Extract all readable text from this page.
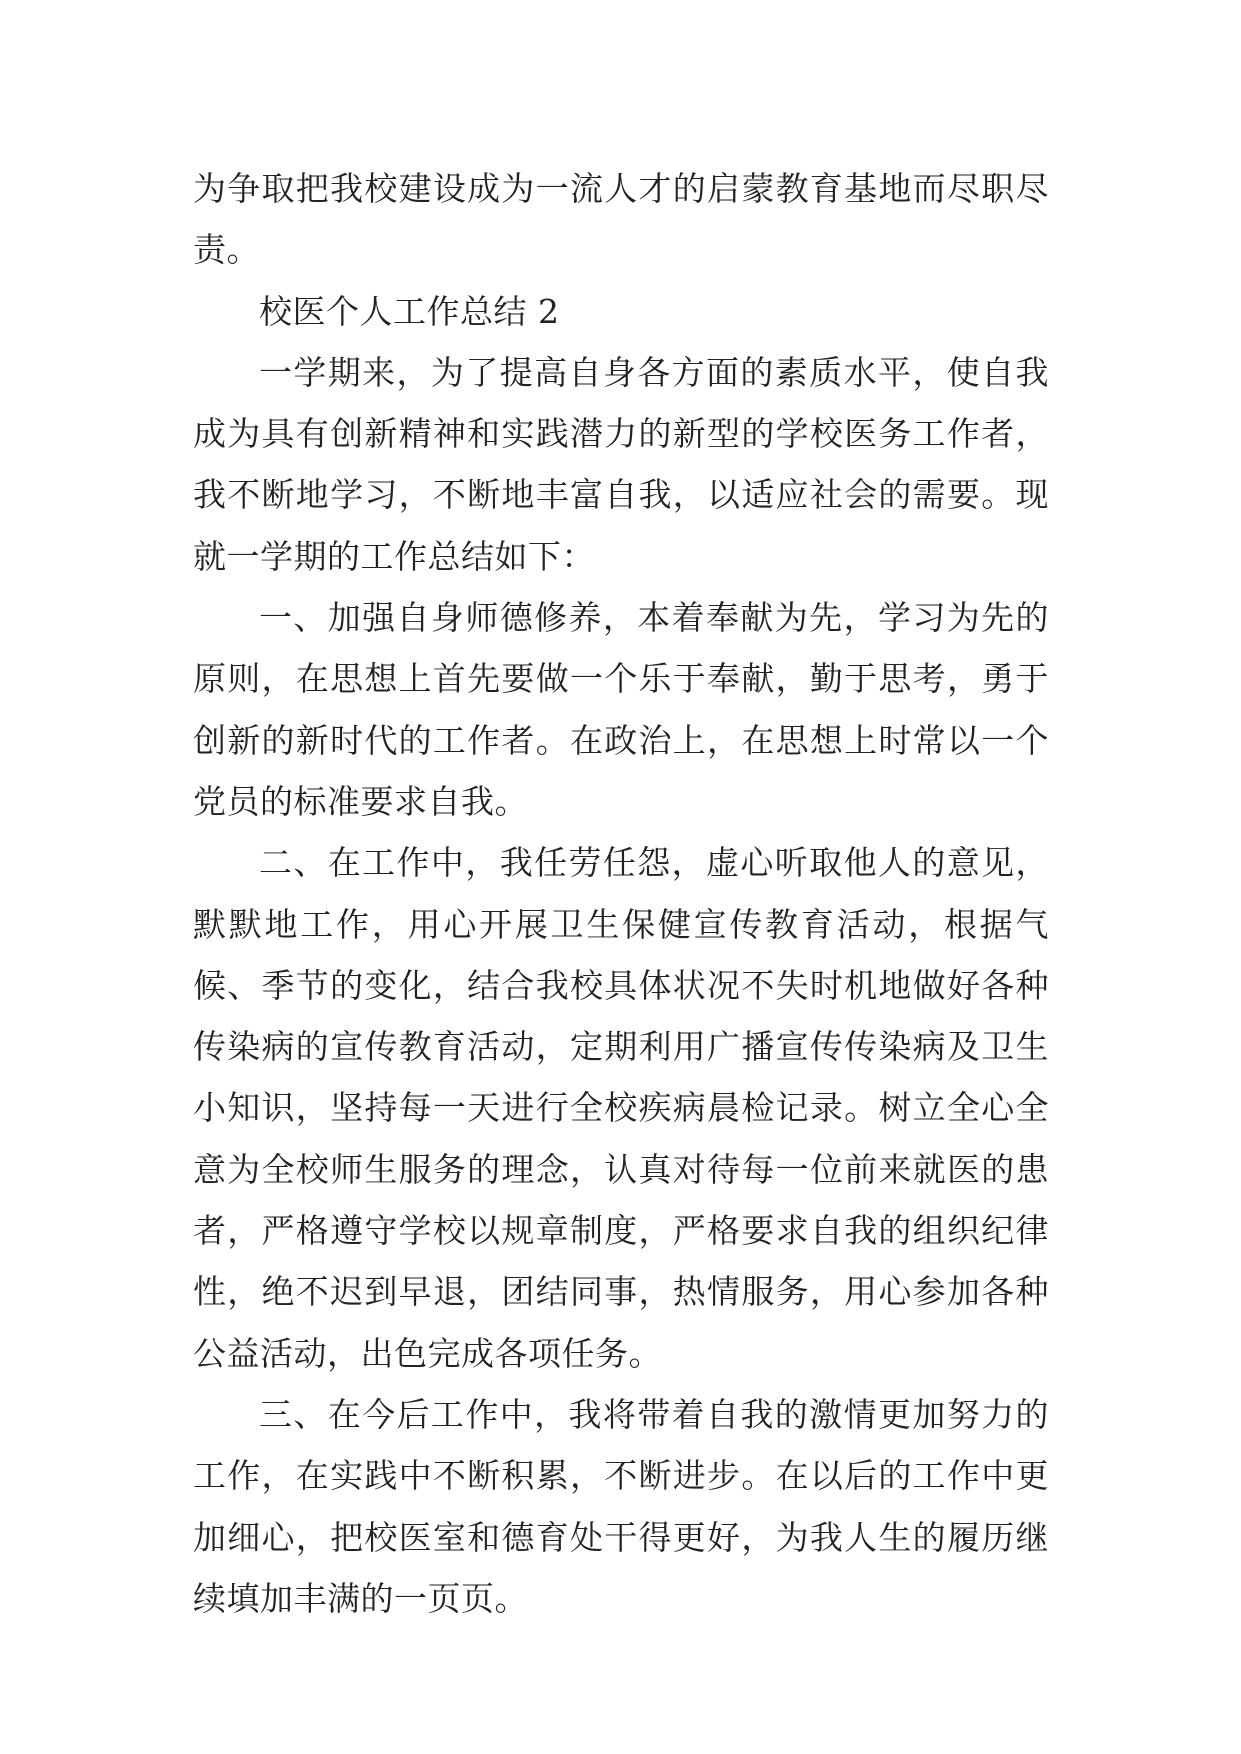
为争取把我校建设成为一流人才的启蒙教育基地而尽职尽责。

校医个人工作总结 2

一学期来，为了提高自身各方面的素质水平，使自我成为具有创新精神和实践潜力的新型的学校医务工作者，我不断地学习，不断地丰富自我，以适应社会的需要。现就一学期的工作总结如下：

一、加强自身师德修养，本着奉献为先，学习为先的原则，在思想上首先要做一个乐于奉献，勤于思考，勇于创新的新时代的工作者。在政治上，在思想上时常以一个党员的标准要求自我。

二、在工作中，我任劳任怨，虚心听取他人的意见，默默地工作，用心开展卫生保健宣传教育活动，根据气候、季节的变化，结合我校具体状况不失时机地做好各种传染病的宣传教育活动，定期利用广播宣传传染病及卫生小知识，坚持每一天进行全校疾病晨检记录。树立全心全意为全校师生服务的理念，认真对待每一位前来就医的患者，严格遵守学校以规章制度，严格要求自我的组织纪律性，绝不迟到早退，团结同事，热情服务，用心参加各种公益活动，出色完成各项任务。

三、在今后工作中，我将带着自我的激情更加努力的工作，在实践中不断积累，不断进步。在以后的工作中更加细心，把校医室和德育处干得更好，为我人生的履历继续填加丰满的一页页。
